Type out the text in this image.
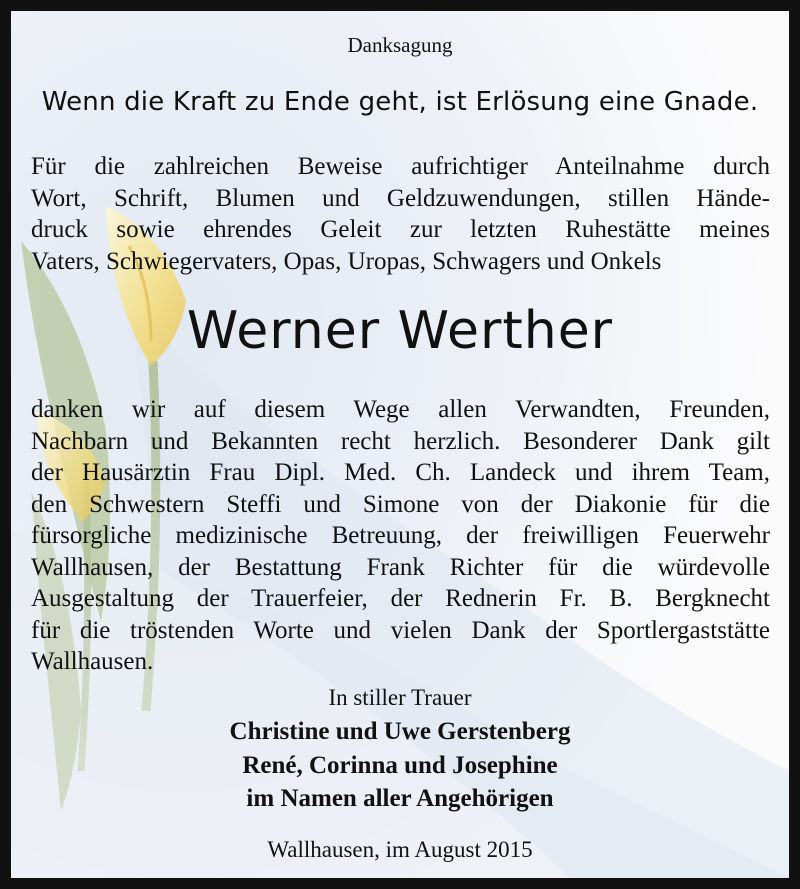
Danksagung
Wenn die Kraft zu Ende geht, ist Erlösung eine Gnade.
Für die zahlreichen Beweise aufrichtiger Anteilnahme durch
Wort, Schrift, Blumen und Geldzuwendungen, stillen Hände-
druck sowie ehrendes Geleit zur letzten Ruhestätte meines
Vaters, Schwiegervaters, Opas, Uropas, Schwagers und Onkels
Werner Werther
danken wir auf diesem Wege allen Verwandten, Freunden,
Nachbarn und Bekannten recht herzlich. Besonderer Dank gilt
der Hausärztin Frau Dipl. Med. Ch. Landeck und ihrem Team,
den Schwestern Steffi und Simone von der Diakonie für die
fürsorgliche medizinische Betreuung, der freiwilligen Feuerwehr
Wallhausen, der Bestattung Frank Richter für die würdevolle
Ausgestaltung der Trauerfeier, der Rednerin Fr. B. Bergknecht
für die tröstenden Worte und vielen Dank der Sportlergaststätte
Wallhausen.
In stiller Trauer
Christine und Uwe Gerstenberg
René, Corinna und Josephine
im Namen aller Angehörigen
Wallhausen, im August 2015
